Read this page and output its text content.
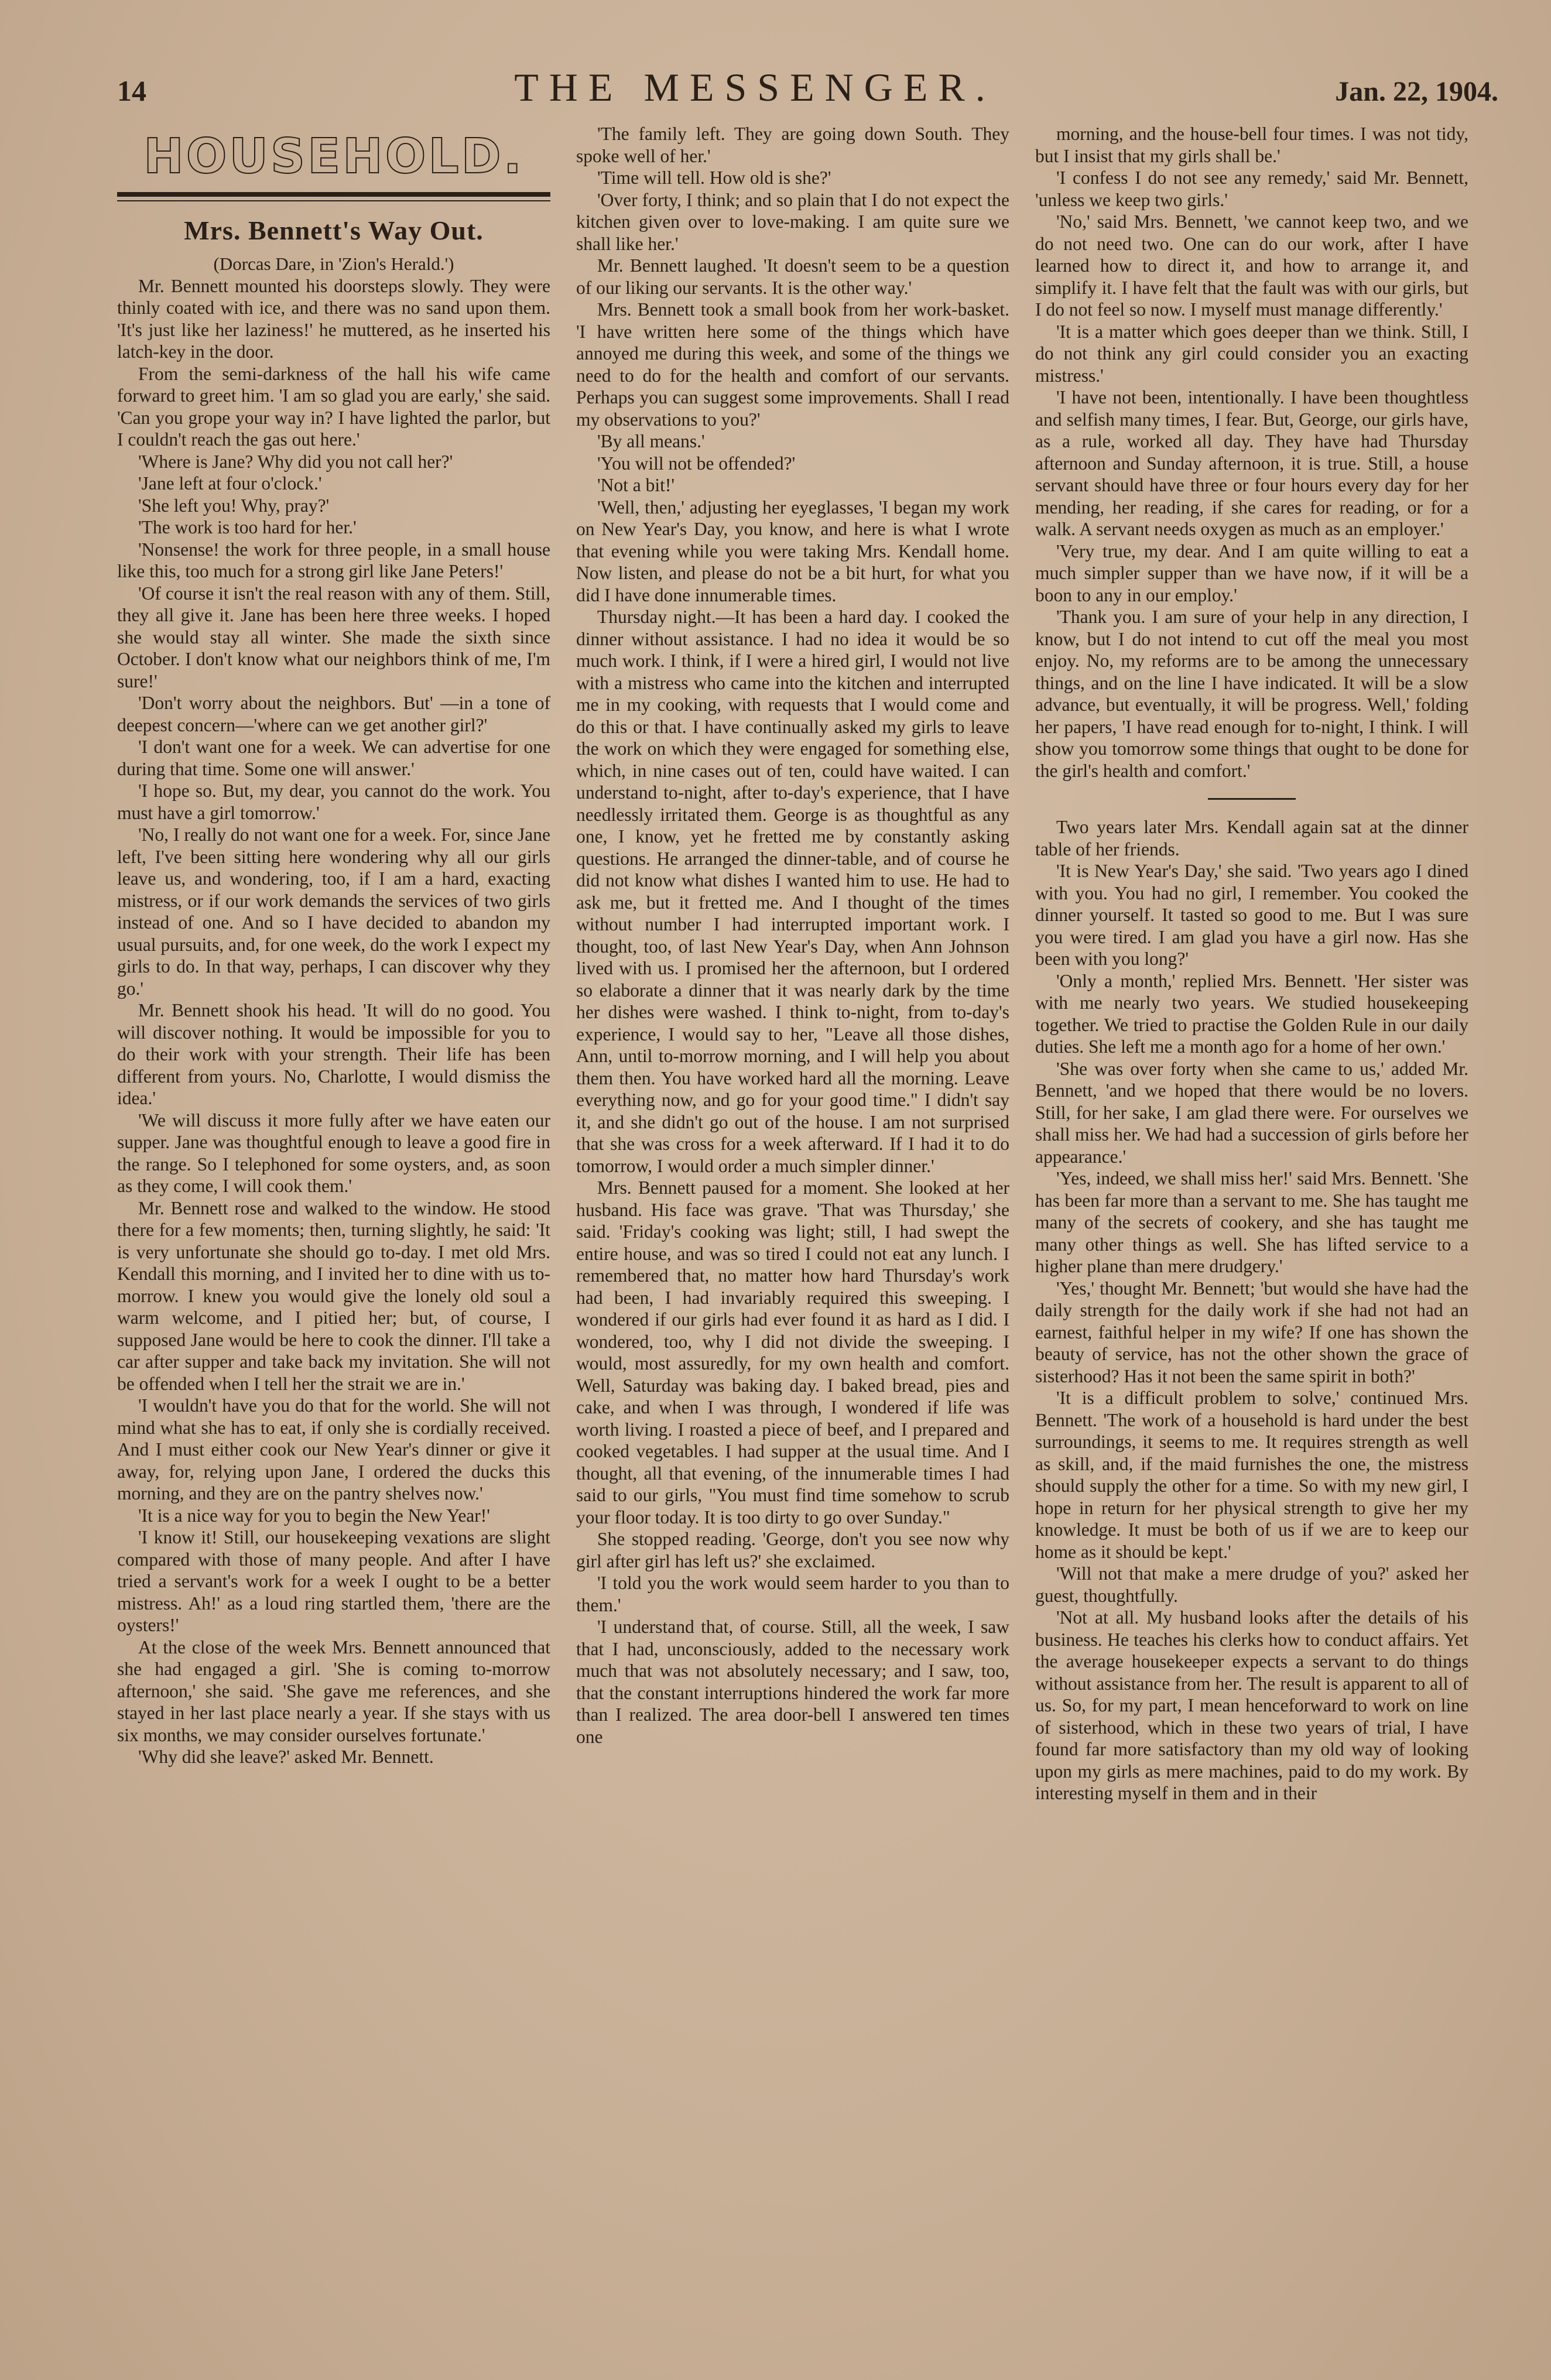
14	THE MESSENGER.	Jan. 22, 1904.
HOUSEHOLD.
Mrs. Bennett's Way Out.

(Dorcas Dare, in 'Zion's Herald.')

Mr. Bennett mounted his doorsteps slowly. They were thinly coated with ice, and there was no sand upon them. 'It's just like her laziness!' he muttered, as he inserted his latch-key in the door.

From the semi-darkness of the hall his wife came forward to greet him. 'I am so glad you are early,' she said. 'Can you grope your way in? I have lighted the parlor, but I couldn't reach the gas out here.'

'Where is Jane? Why did you not call her?'

'Jane left at four o'clock.'

'She left you! Why, pray?'

'The work is too hard for her.'

'Nonsense! the work for three people, in a small house like this, too much for a strong girl like Jane Peters!'

'Of course it isn't the real reason with any of them. Still, they all give it. Jane has been here three weeks. I hoped she would stay all winter. She made the sixth since October. I don't know what our neighbors think of me, I'm sure!'

'Don't worry about the neighbors. But' —in a tone of deepest concern—'where can we get another girl?'

'I don't want one for a week. We can advertise for one during that time. Some one will answer.'

'I hope so. But, my dear, you cannot do the work. You must have a girl tomorrow.'

'No, I really do not want one for a week. For, since Jane left, I've been sitting here wondering why all our girls leave us, and wondering, too, if I am a hard, exacting mistress, or if our work demands the services of two girls instead of one. And so I have decided to abandon my usual pursuits, and, for one week, do the work I expect my girls to do. In that way, perhaps, I can discover why they go.'

Mr. Bennett shook his head. 'It will do no good. You will discover nothing. It would be impossible for you to do their work with your strength. Their life has been different from yours. No, Charlotte, I would dismiss the idea.'

'We will discuss it more fully after we have eaten our supper. Jane was thoughtful enough to leave a good fire in the range. So I telephoned for some oysters, and, as soon as they come, I will cook them.'

Mr. Bennett rose and walked to the window. He stood there for a few moments; then, turning slightly, he said: 'It is very unfortunate she should go to-day. I met old Mrs. Kendall this morning, and I invited her to dine with us to-morrow. I knew you would give the lonely old soul a warm welcome, and I pitied her; but, of course, I supposed Jane would be here to cook the dinner. I'll take a car after supper and take back my invitation. She will not be offended when I tell her the strait we are in.'

'I wouldn't have you do that for the world. She will not mind what she has to eat, if only she is cordially received. And I must either cook our New Year's dinner or give it away, for, relying upon Jane, I ordered the ducks this morning, and they are on the pantry shelves now.'

'It is a nice way for you to begin the New Year!'

'I know it! Still, our housekeeping vexations are slight compared with those of many people. And after I have tried a servant's work for a week I ought to be a better mistress. Ah!' as a loud ring startled them, 'there are the oysters!'

At the close of the week Mrs. Bennett announced that she had engaged a girl. 'She is coming to-morrow afternoon,' she said. 'She gave me references, and she stayed in her last place nearly a year. If she stays with us six months, we may consider ourselves fortunate.'

'Why did she leave?' asked Mr. Bennett.

'The family left. They are going down South. They spoke well of her.'

'Time will tell. How old is she?'

'Over forty, I think; and so plain that I do not expect the kitchen given over to love-making. I am quite sure we shall like her.'

Mr. Bennett laughed. 'It doesn't seem to be a question of our liking our servants. It is the other way.'

Mrs. Bennett took a small book from her work-basket. 'I have written here some of the things which have annoyed me during this week, and some of the things we need to do for the health and comfort of our servants. Perhaps you can suggest some improvements. Shall I read my observations to you?'

'By all means.'

'You will not be offended?'

'Not a bit!'

'Well, then,' adjusting her eyeglasses, 'I began my work on New Year's Day, you know, and here is what I wrote that evening while you were taking Mrs. Kendall home. Now listen, and please do not be a bit hurt, for what you did I have done innumerable times.

Thursday night.—It has been a hard day. I cooked the dinner without assistance. I had no idea it would be so much work. I think, if I were a hired girl, I would not live with a mistress who came into the kitchen and interrupted me in my cooking, with requests that I would come and do this or that. I have continually asked my girls to leave the work on which they were engaged for something else, which, in nine cases out of ten, could have waited. I can understand to-night, after to-day's experience, that I have needlessly irritated them. George is as thoughtful as any one, I know, yet he fretted me by constantly asking questions. He arranged the dinner-table, and of course he did not know what dishes I wanted him to use. He had to ask me, but it fretted me. And I thought of the times without number I had interrupted important work. I thought, too, of last New Year's Day, when Ann Johnson lived with us. I promised her the afternoon, but I ordered so elaborate a dinner that it was nearly dark by the time her dishes were washed. I think to-night, from to-day's experience, I would say to her, "Leave all those dishes, Ann, until to-morrow morning, and I will help you about them then. You have worked hard all the morning. Leave everything now, and go for your good time." I didn't say it, and she didn't go out of the house. I am not surprised that she was cross for a week afterward. If I had it to do tomorrow, I would order a much simpler dinner.'

Mrs. Bennett paused for a moment. She looked at her husband. His face was grave. 'That was Thursday,' she said. 'Friday's cooking was light; still, I had swept the entire house, and was so tired I could not eat any lunch. I remembered that, no matter how hard Thursday's work had been, I had invariably required this sweeping. I wondered if our girls had ever found it as hard as I did. I wondered, too, why I did not divide the sweeping. I would, most assuredly, for my own health and comfort. Well, Saturday was baking day. I baked bread, pies and cake, and when I was through, I wondered if life was worth living. I roasted a piece of beef, and I prepared and cooked vegetables. I had supper at the usual time. And I thought, all that evening, of the innumerable times I had said to our girls, "You must find time somehow to scrub your floor today. It is too dirty to go over Sunday."

She stopped reading. 'George, don't you see now why girl after girl has left us?' she exclaimed.

'I told you the work would seem harder to you than to them.'

'I understand that, of course. Still, all the week, I saw that I had, unconsciously, added to the necessary work much that was not absolutely necessary; and I saw, too, that the constant interruptions hindered the work far more than I realized. The area door-bell I answered ten times one

morning, and the house-bell four times. I was not tidy, but I insist that my girls shall be.'

'I confess I do not see any remedy,' said Mr. Bennett, 'unless we keep two girls.'

'No,' said Mrs. Bennett, 'we cannot keep two, and we do not need two. One can do our work, after I have learned how to direct it, and how to arrange it, and simplify it. I have felt that the fault was with our girls, but I do not feel so now. I myself must manage differently.'

'It is a matter which goes deeper than we think. Still, I do not think any girl could consider you an exacting mistress.'

'I have not been, intentionally. I have been thoughtless and selfish many times, I fear. But, George, our girls have, as a rule, worked all day. They have had Thursday afternoon and Sunday afternoon, it is true. Still, a house servant should have three or four hours every day for her mending, her reading, if she cares for reading, or for a walk. A servant needs oxygen as much as an employer.'

'Very true, my dear. And I am quite willing to eat a much simpler supper than we have now, if it will be a boon to any in our employ.'

'Thank you. I am sure of your help in any direction, I know, but I do not intend to cut off the meal you most enjoy. No, my reforms are to be among the unnecessary things, and on the line I have indicated. It will be a slow advance, but eventually, it will be progress. Well,' folding her papers, 'I have read enough for to-night, I think. I will show you tomorrow some things that ought to be done for the girl's health and comfort.'

Two years later Mrs. Kendall again sat at the dinner table of her friends.

'It is New Year's Day,' she said. 'Two years ago I dined with you. You had no girl, I remember. You cooked the dinner yourself. It tasted so good to me. But I was sure you were tired. I am glad you have a girl now. Has she been with you long?'

'Only a month,' replied Mrs. Bennett. 'Her sister was with me nearly two years. We studied housekeeping together. We tried to practise the Golden Rule in our daily duties. She left me a month ago for a home of her own.'

'She was over forty when she came to us,' added Mr. Bennett, 'and we hoped that there would be no lovers. Still, for her sake, I am glad there were. For ourselves we shall miss her. We had had a succession of girls before her appearance.'

'Yes, indeed, we shall miss her!' said Mrs. Bennett. 'She has been far more than a servant to me. She has taught me many of the secrets of cookery, and she has taught me many other things as well. She has lifted service to a higher plane than mere drudgery.'

'Yes,' thought Mr. Bennett; 'but would she have had the daily strength for the daily work if she had not had an earnest, faithful helper in my wife? If one has shown the beauty of service, has not the other shown the grace of sisterhood? Has it not been the same spirit in both?'

'It is a difficult problem to solve,' continued Mrs. Bennett. 'The work of a household is hard under the best surroundings, it seems to me. It requires strength as well as skill, and, if the maid furnishes the one, the mistress should supply the other for a time. So with my new girl, I hope in return for her physical strength to give her my knowledge. It must be both of us if we are to keep our home as it should be kept.'

'Will not that make a mere drudge of you?' asked her guest, thoughtfully.

'Not at all. My husband looks after the details of his business. He teaches his clerks how to conduct affairs. Yet the average housekeeper expects a servant to do things without assistance from her. The result is apparent to all of us. So, for my part, I mean henceforward to work on line of sisterhood, which in these two years of trial, I have found far more satisfactory than my old way of looking upon my girls as mere machines, paid to do my work. By interesting myself in them and in their
